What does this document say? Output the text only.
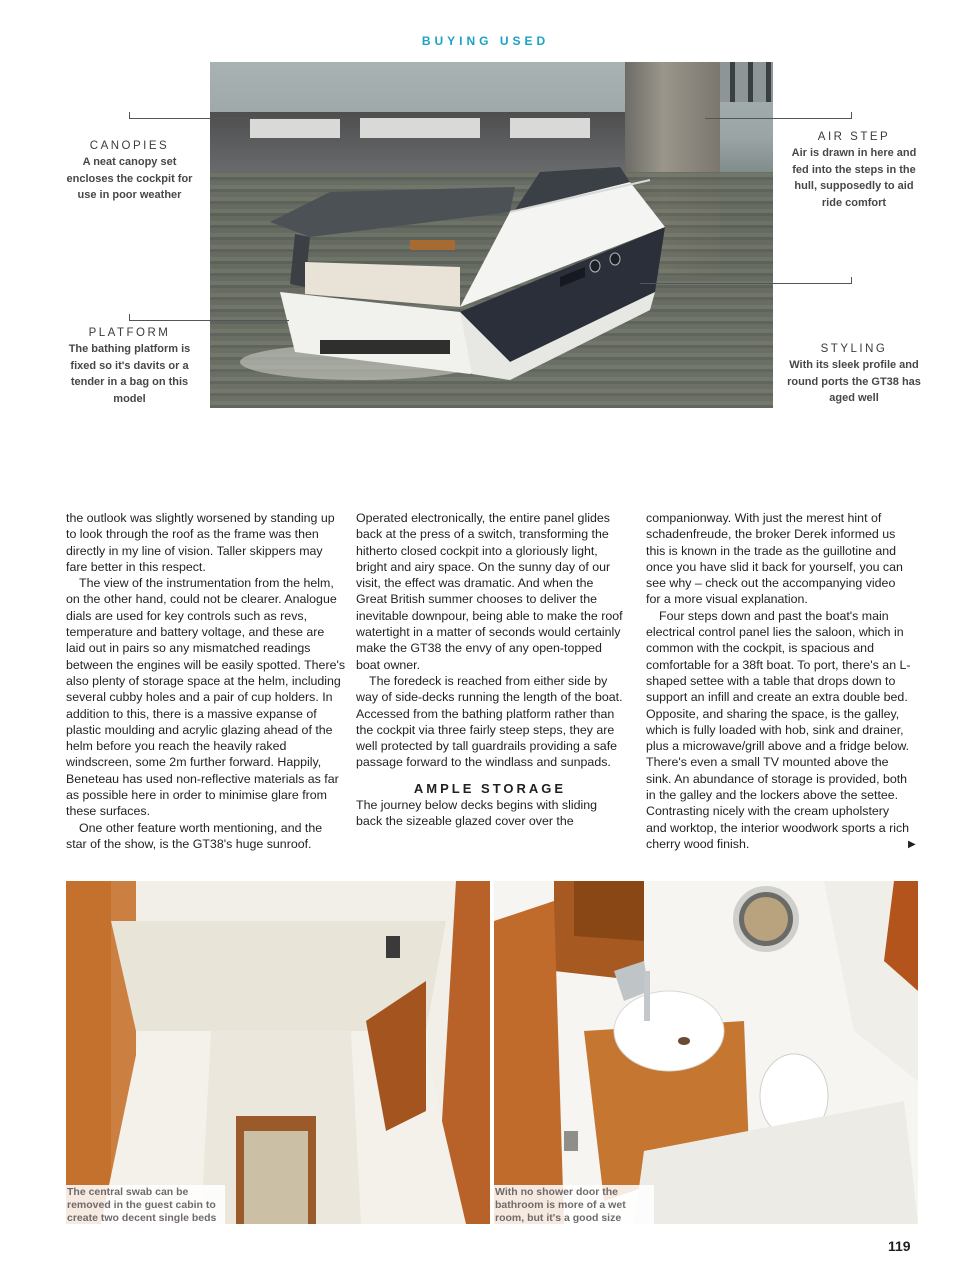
BUYING USED
CANOPIES
A neat canopy set encloses the cockpit for use in poor weather
PLATFORM
The bathing platform is fixed so it's davits or a tender in a bag on this model
AIR STEP
Air is drawn in here and fed into the steps in the hull, supposedly to aid ride comfort
STYLING
With its sleek profile and round ports the GT38 has aged well

the outlook was slightly worsened by standing up to look through the roof as the frame was then directly in my line of vision. Taller skippers may fare better in this respect.

The view of the instrumentation from the helm, on the other hand, could not be clearer. Analogue dials are used for key controls such as revs, temperature and battery voltage, and these are laid out in pairs so any mismatched readings between the engines will be easily spotted. There's also plenty of storage space at the helm, including several cubby holes and a pair of cup holders. In addition to this, there is a massive expanse of plastic moulding and acrylic glazing ahead of the helm before you reach the heavily raked windscreen, some 2m further forward. Happily, Beneteau has used non-reflective materials as far as possible here in order to minimise glare from these surfaces.

One other feature worth mentioning, and the star of the show, is the GT38's huge sunroof.

Operated electronically, the entire panel glides back at the press of a switch, transforming the hitherto closed cockpit into a gloriously light, bright and airy space. On the sunny day of our visit, the effect was dramatic. And when the Great British summer chooses to deliver the inevitable downpour, being able to make the roof watertight in a matter of seconds would certainly make the GT38 the envy of any open-topped boat owner.

The foredeck is reached from either side by way of side-decks running the length of the boat. Accessed from the bathing platform rather than the cockpit via three fairly steep steps, they are well protected by tall guardrails providing a safe passage forward to the windlass and sunpads.

AMPLE STORAGE

The journey below decks begins with sliding back the sizeable glazed cover over the

companionway. With just the merest hint of schadenfreude, the broker Derek informed us this is known in the trade as the guillotine and once you have slid it back for yourself, you can see why – check out the accompanying video for a more visual explanation.

Four steps down and past the boat's main electrical control panel lies the saloon, which in common with the cockpit, is spacious and comfortable for a 38ft boat. To port, there's an L-shaped settee with a table that drops down to support an infill and create an extra double bed. Opposite, and sharing the space, is the galley, which is fully loaded with hob, sink and drainer, plus a microwave/grill above and a fridge below. There's even a small TV mounted above the sink. An abundance of storage is provided, both in the galley and the lockers above the settee. Contrasting nicely with the cream upholstery and worktop, the interior woodwork sports a rich cherry wood finish.	▶
The central swab can be removed in the guest cabin to create two decent single beds
With no shower door the bathroom is more of a wet room, but it's a good size
119
